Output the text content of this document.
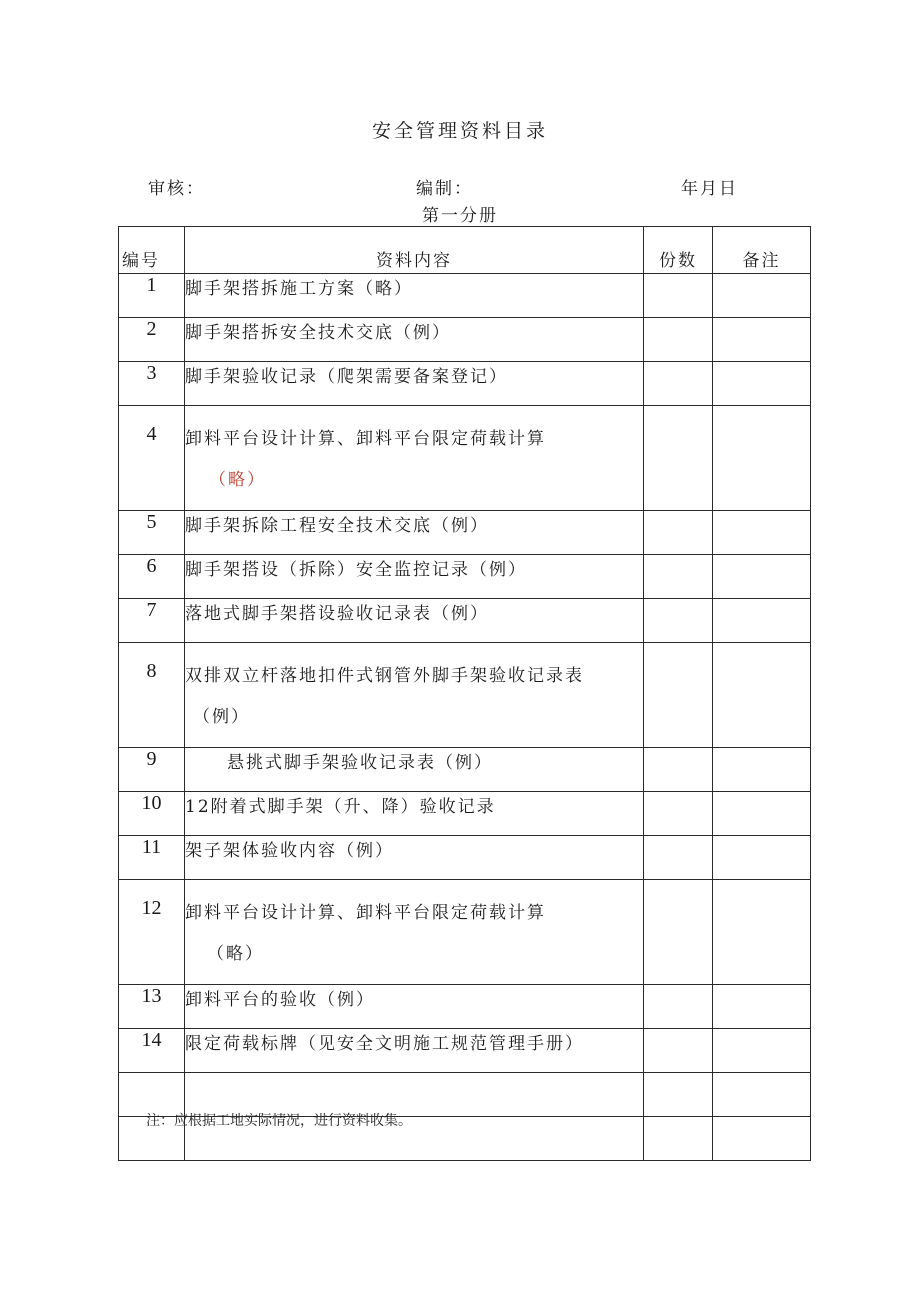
安全管理资料目录
审核：	编制：	年月日
第一分册
编号	资料内容	份数	备注
1	脚手架搭拆施工方案（略）		
2	脚手架搭拆安全技术交底（例）		
3	脚手架验收记录（爬架需要备案登记）		
4	卸料平台设计计算、卸料平台限定荷载计算
（略）		

5	脚手架拆除工程安全技术交底（例）		
6	脚手架搭设（拆除）安全监控记录（例）		
7	落地式脚手架搭设验收记录表（例）		
8	双排双立杆落地扣件式钢管外脚手架验收记录表
（例）		

9	悬挑式脚手架验收记录表（例）		
10	12附着式脚手架（升、降）验收记录		
11	架子架体验收内容（例）		
12	卸料平台设计计算、卸料平台限定荷载计算
（略）		

13	卸料平台的验收（例）		
14	限定荷载标牌（见安全文明施工规范管理手册）		

注：应根据工地实际情况，进行资料收集。
